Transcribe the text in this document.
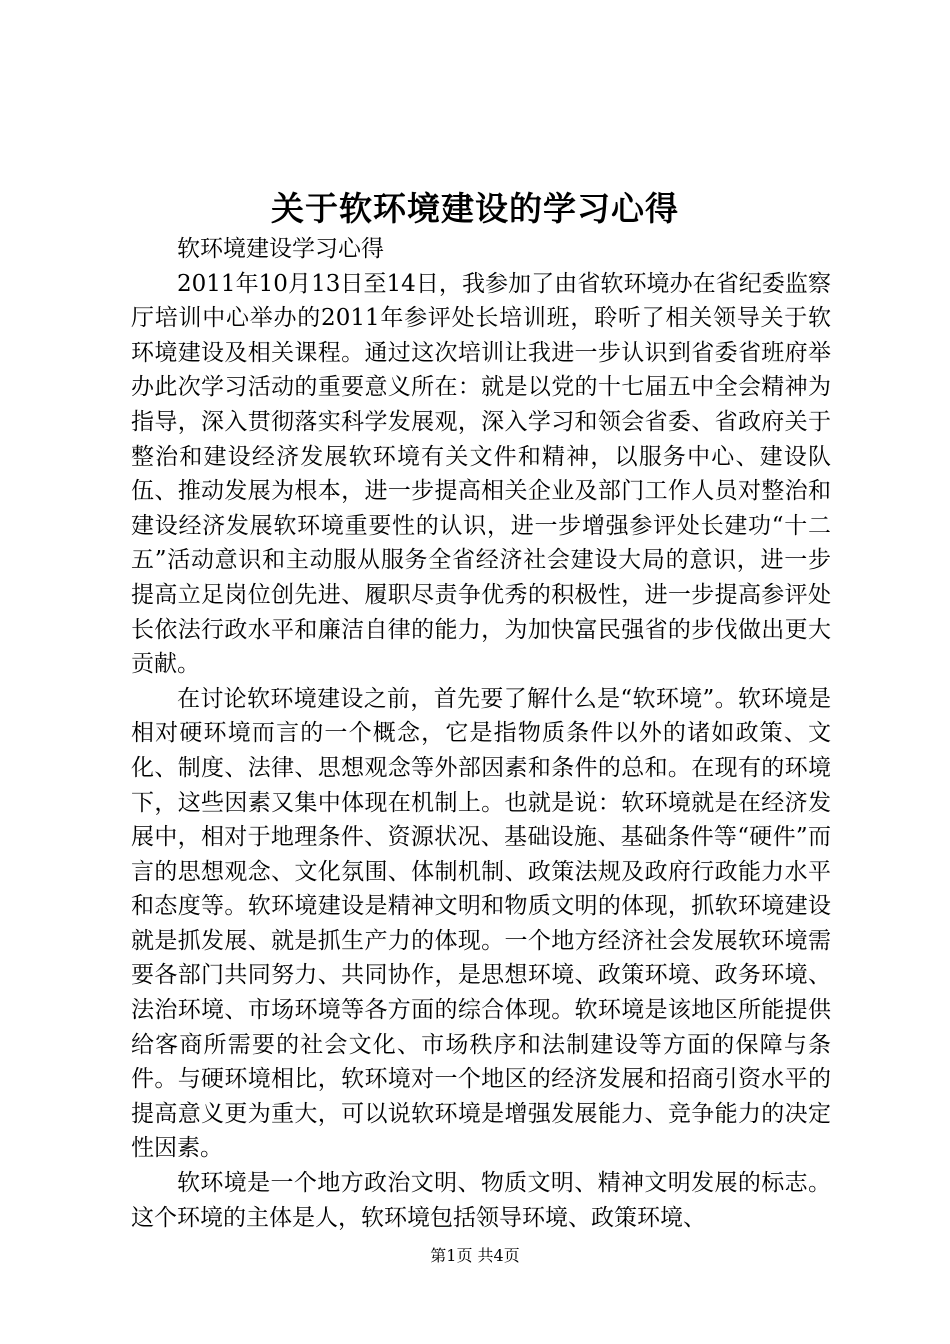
关于软环境建设的学习心得

软环境建设学习心得

2011年10月13日至14日，我参加了由省软环境办在省纪委监察厅培训中心举办的2011年参评处长培训班，聆听了相关领导关于软环境建设及相关课程。通过这次培训让我进一步认识到省委省班府举办此次学习活动的重要意义所在：就是以党的十七届五中全会精神为指导，深入贯彻落实科学发展观，深入学习和领会省委、省政府关于整治和建设经济发展软环境有关文件和精神，以服务中心、建设队伍、推动发展为根本，进一步提高相关企业及部门工作人员对整治和建设经济发展软环境重要性的认识，进一步增强参评处长建功“十二五”活动意识和主动服从服务全省经济社会建设大局的意识，进一步提高立足岗位创先进、履职尽责争优秀的积极性，进一步提高参评处长依法行政水平和廉洁自律的能力，为加快富民强省的步伐做出更大贡献。

在讨论软环境建设之前，首先要了解什么是“软环境”。软环境是相对硬环境而言的一个概念，它是指物质条件以外的诸如政策、文化、制度、法律、思想观念等外部因素和条件的总和。在现有的环境下，这些因素又集中体现在机制上。也就是说：软环境就是在经济发展中，相对于地理条件、资源状况、基础设施、基础条件等“硬件”而言的思想观念、文化氛围、体制机制、政策法规及政府行政能力水平和态度等。软环境建设是精神文明和物质文明的体现，抓软环境建设就是抓发展、就是抓生产力的体现。一个地方经济社会发展软环境需要各部门共同努力、共同协作，是思想环境、政策环境、政务环境、法治环境、市场环境等各方面的综合体现。软环境是该地区所能提供给客商所需要的社会文化、市场秩序和法制建设等方面的保障与条件。与硬环境相比，软环境对一个地区的经济发展和招商引资水平的提高意义更为重大，可以说软环境是增强发展能力、竞争能力的决定性因素。

软环境是一个地方政治文明、物质文明、精神文明发展的标志。这个环境的主体是人，软环境包括领导环境、政策环境、

第1页 共4页
